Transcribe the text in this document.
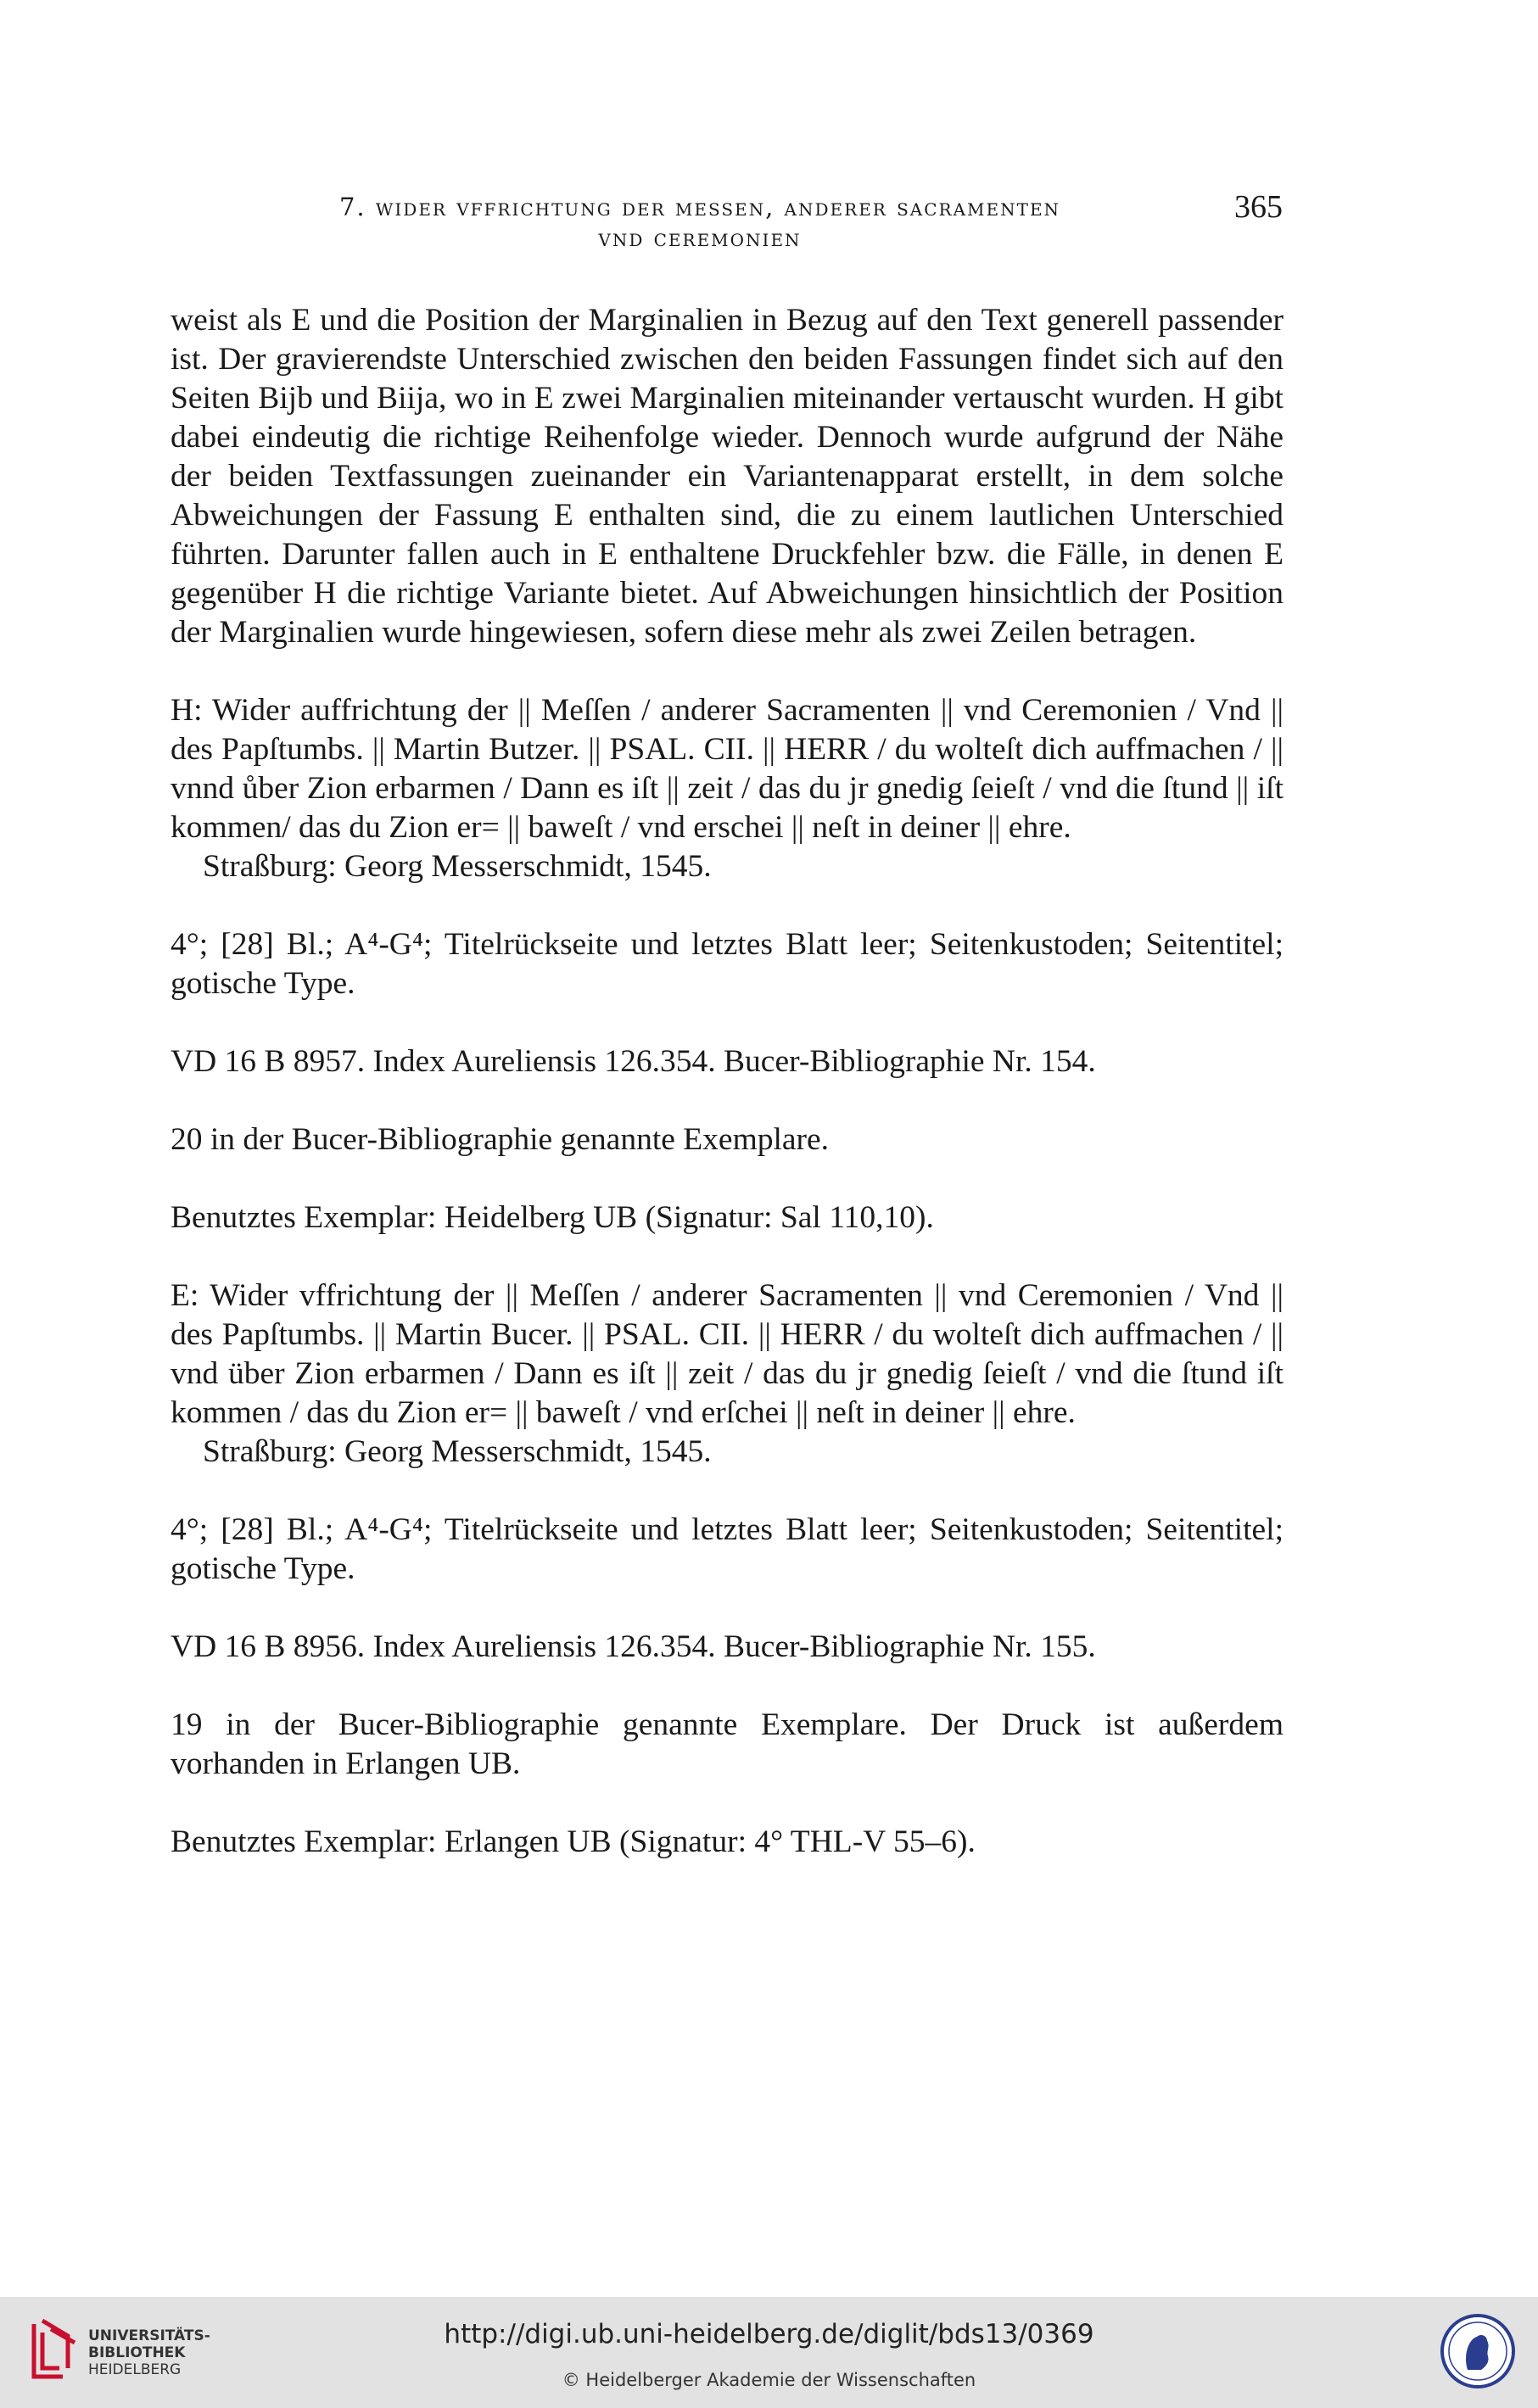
7. wider vffrichtung der messen, anderer sacramenten
vnd ceremonien
365

weist als E und die Position der Marginalien in Bezug auf den Text generell passender ist. Der gravierendste Unterschied zwischen den beiden Fassungen findet sich auf den Seiten Bijb und Biija, wo in E zwei Marginalien miteinander vertauscht wurden. H gibt dabei eindeutig die richtige Reihenfolge wieder. Dennoch wurde aufgrund der Nähe der beiden Textfassungen zueinander ein Variantenapparat erstellt, in dem solche Abweichungen der Fassung E enthalten sind, die zu einem lautlichen Unterschied führten. Darunter fallen auch in E enthaltene Druckfehler bzw. die Fälle, in denen E gegenüber H die richtige Variante bietet. Auf Abweichungen hinsichtlich der Position der Marginalien wurde hingewiesen, sofern diese mehr als zwei Zeilen betragen.

H: Wider auffrichtung der || Meſſen / anderer Sacramenten || vnd Ceremonien / Vnd || des Papſtumbs. || Martin Butzer. || PSAL. CII. || HERR / du wolteſt dich auffmachen / || vnnd ůber Zion erbarmen / Dann es iſt || zeit / das du jr gnedig ſeieſt / vnd die ſtund || iſt kommen/ das du Zion er= || baweſt / vnd erschei || neſt in deiner || ehre.

Straßburg: Georg Messerschmidt, 1545.

4°; [28] Bl.; A⁴-G⁴; Titelrückseite und letztes Blatt leer; Seitenkustoden; Seitentitel; gotische Type.

VD 16 B 8957. Index Aureliensis 126.354. Bucer-Bibliographie Nr. 154.

20 in der Bucer-Bibliographie genannte Exemplare.

Benutztes Exemplar: Heidelberg UB (Signatur: Sal 110,10).

E: Wider vffrichtung der || Meſſen / anderer Sacramenten || vnd Ceremonien / Vnd || des Papſtumbs. || Martin Bucer. || PSAL. CII. || HERR / du wolteſt dich auffmachen / || vnd über Zion erbarmen / Dann es iſt || zeit / das du jr gnedig ſeieſt / vnd die ſtund iſt kommen / das du Zion er= || baweſt / vnd erſchei || neſt in deiner || ehre.

Straßburg: Georg Messerschmidt, 1545.

4°; [28] Bl.; A⁴-G⁴; Titelrückseite und letztes Blatt leer; Seitenkustoden; Seitentitel; gotische Type.

VD 16 B 8956. Index Aureliensis 126.354. Bucer-Bibliographie Nr. 155.

19 in der Bucer-Bibliographie genannte Exemplare. Der Druck ist außerdem vorhanden in Erlangen UB.

Benutztes Exemplar: Erlangen UB (Signatur: 4° THL-V 55–6).

UNIVERSITÄTS-
BIBLIOTHEK
HEIDELBERG
http://digi.ub.uni-heidelberg.de/diglit/bds13/0369
© Heidelberger Akademie der Wissenschaften
